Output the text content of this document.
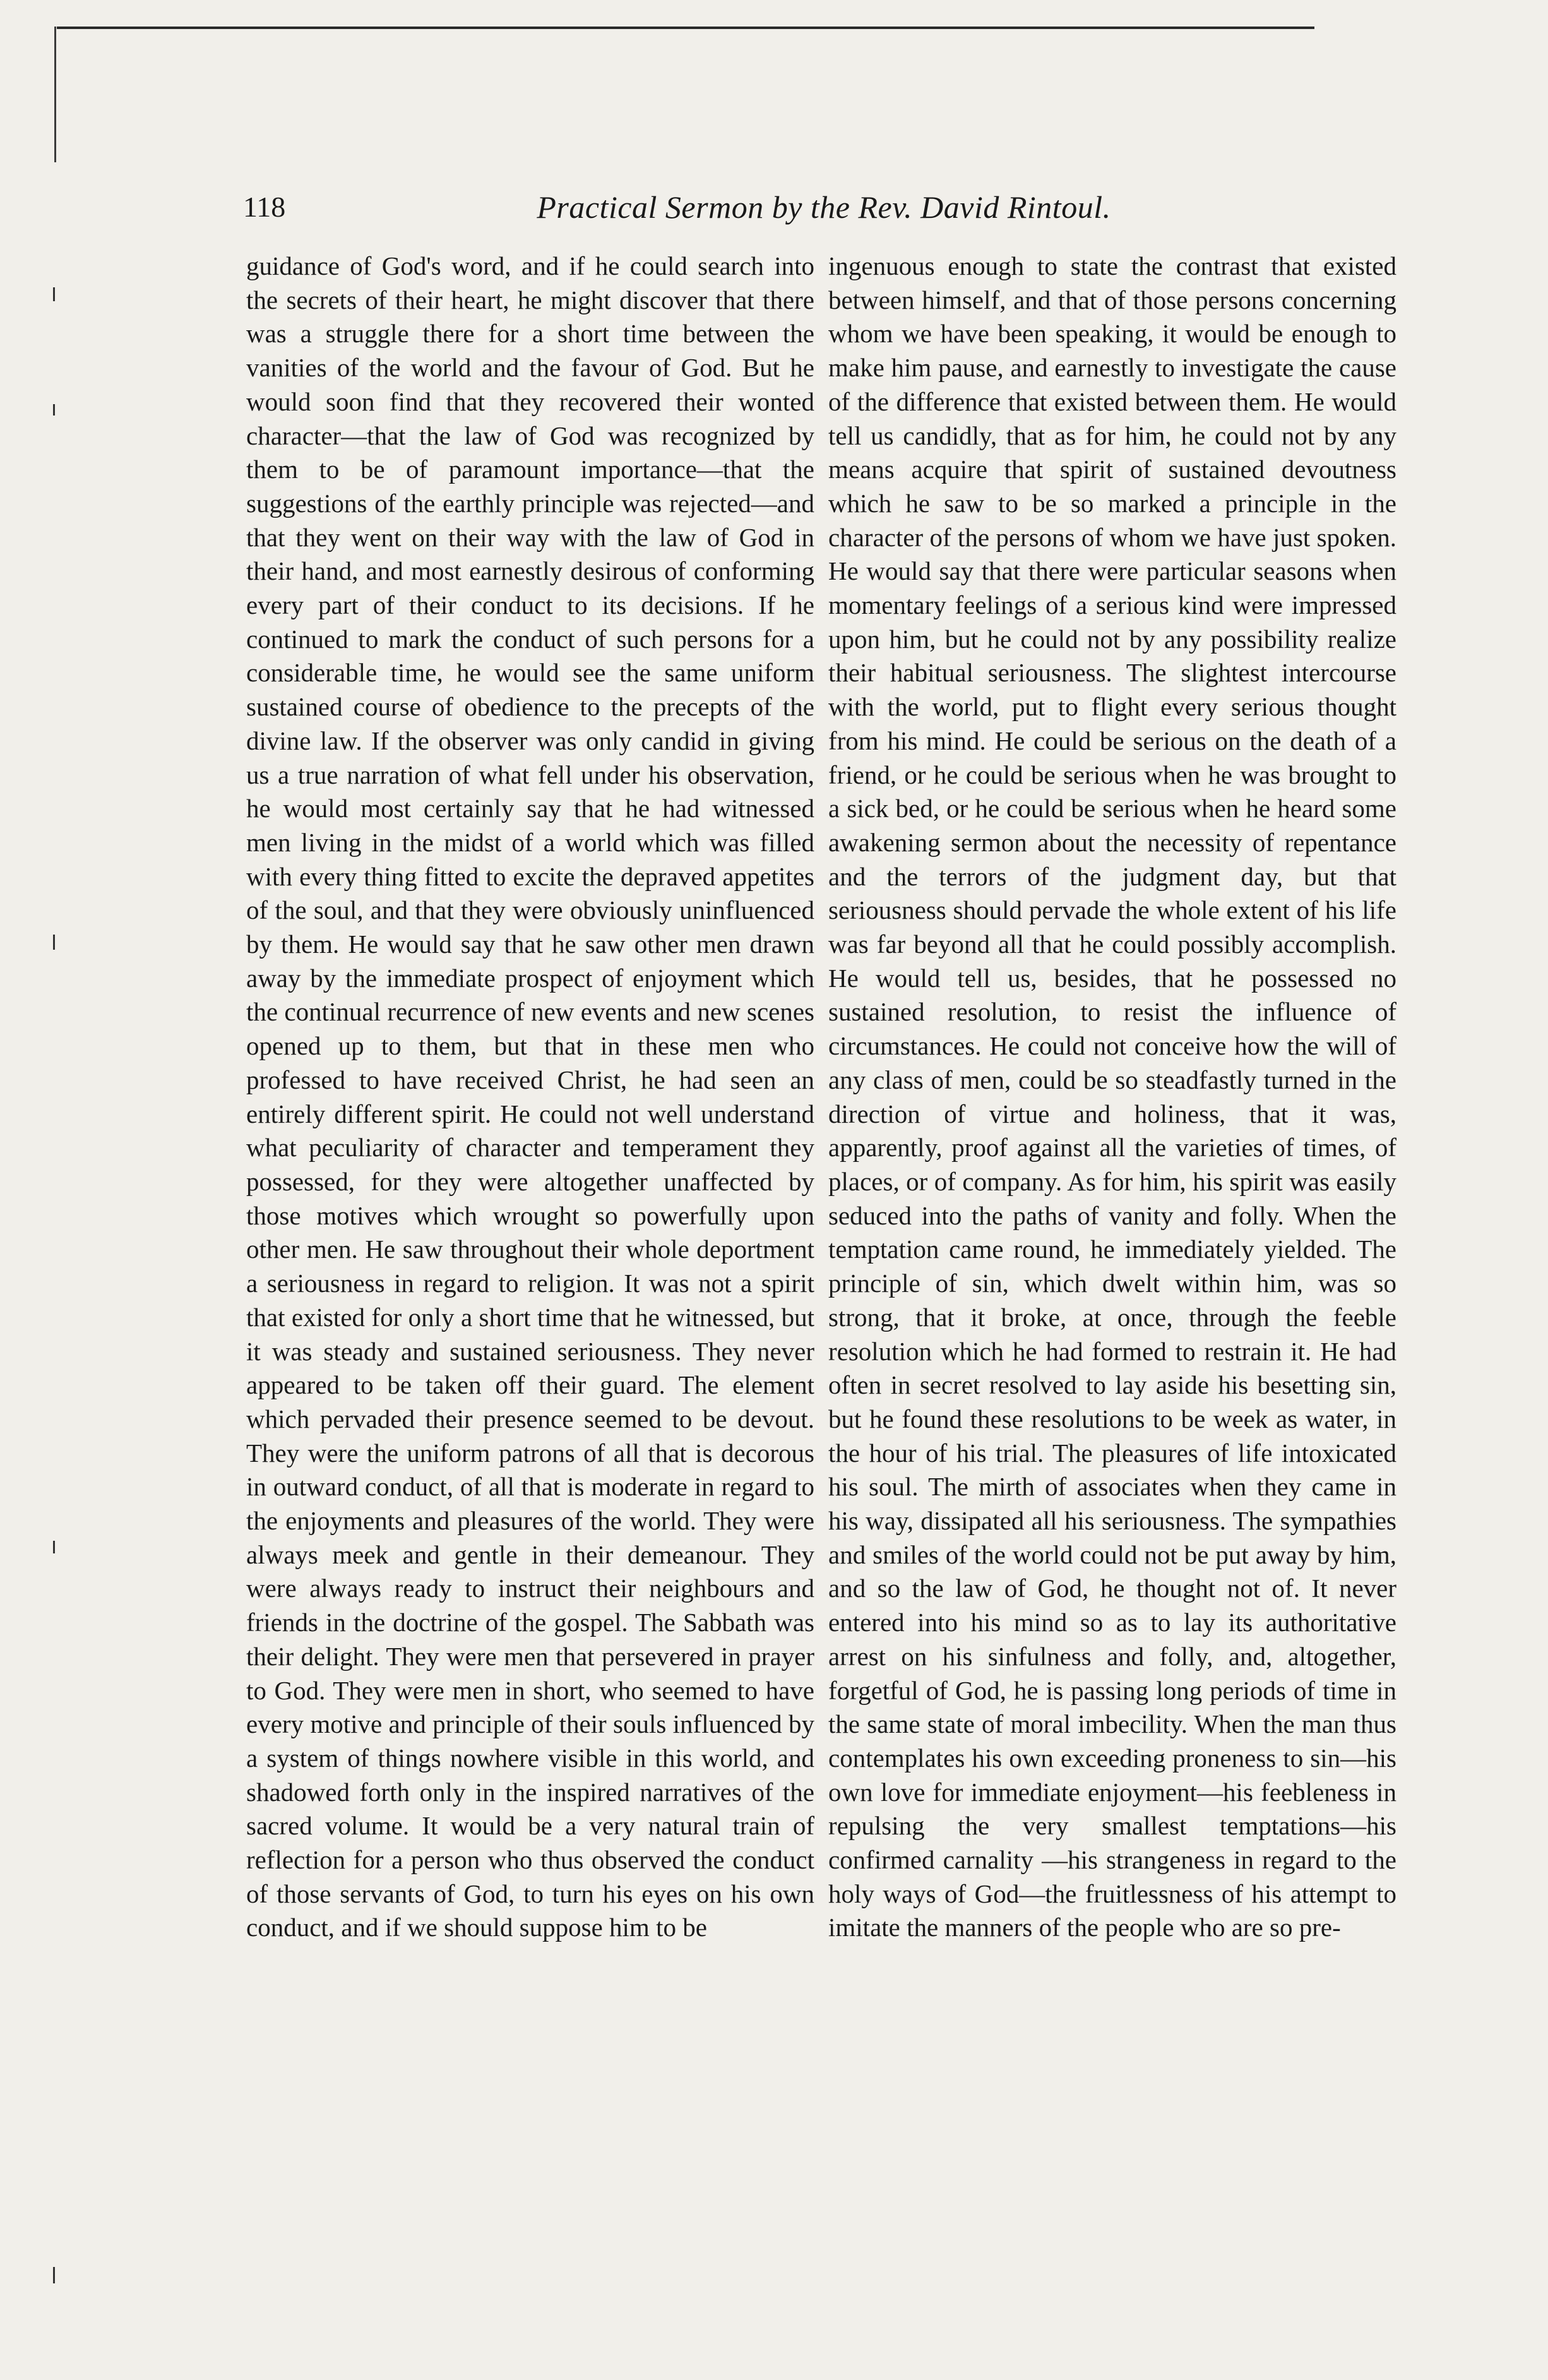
118	Practical Sermon by the Rev. David Rintoul.

guidance of God's word, and if he could search into the secrets of their heart, he might discover that there was a struggle there for a short time between the vanities of the world and the favour of God. But he would soon find that they recovered their wonted character—that the law of God was recognized by them to be of paramount importance—that the suggestions of the earthly principle was rejected—and that they went on their way with the law of God in their hand, and most earnestly desirous of conforming every part of their conduct to its decisions. If he continued to mark the conduct of such persons for a considerable time, he would see the same uniform sustained course of obedience to the precepts of the divine law. If the observer was only candid in giving us a true narration of what fell under his observation, he would most certainly say that he had witnessed men living in the midst of a world which was filled with every thing fitted to excite the depraved appetites of the soul, and that they were obviously uninfluenced by them. He would say that he saw other men drawn away by the immediate prospect of enjoyment which the continual recurrence of new events and new scenes opened up to them, but that in these men who professed to have received Christ, he had seen an entirely different spirit. He could not well understand what peculiarity of character and temperament they possessed, for they were altogether unaffected by those motives which wrought so powerfully upon other men. He saw throughout their whole deportment a seriousness in regard to religion. It was not a spirit that existed for only a short time that he witnessed, but it was steady and sustained seriousness. They never appeared to be taken off their guard. The element which pervaded their presence seemed to be devout. They were the uniform patrons of all that is decorous in outward conduct, of all that is moderate in regard to the enjoyments and pleasures of the world. They were always meek and gentle in their demeanour. They were always ready to instruct their neighbours and friends in the doctrine of the gospel. The Sabbath was their delight. They were men that persevered in prayer to God. They were men in short, who seemed to have every motive and principle of their souls influenced by a system of things nowhere visible in this world, and shadowed forth only in the inspired narratives of the sacred volume. It would be a very natural train of reflection for a person who thus observed the conduct of those servants of God, to turn his eyes on his own conduct, and if we should suppose him to be

ingenuous enough to state the contrast that existed between himself, and that of those persons concerning whom we have been speaking, it would be enough to make him pause, and earnestly to investigate the cause of the difference that existed between them. He would tell us candidly, that as for him, he could not by any means acquire that spirit of sustained devoutness which he saw to be so marked a principle in the character of the persons of whom we have just spoken. He would say that there were particular seasons when momentary feelings of a serious kind were impressed upon him, but he could not by any possibility realize their habitual seriousness. The slightest intercourse with the world, put to flight every serious thought from his mind. He could be serious on the death of a friend, or he could be serious when he was brought to a sick bed, or he could be serious when he heard some awakening sermon about the necessity of repentance and the terrors of the judgment day, but that seriousness should pervade the whole extent of his life was far beyond all that he could possibly accomplish. He would tell us, besides, that he possessed no sustained resolution, to resist the influence of circumstances. He could not conceive how the will of any class of men, could be so steadfastly turned in the direction of virtue and holiness, that it was, apparently, proof against all the varieties of times, of places, or of company. As for him, his spirit was easily seduced into the paths of vanity and folly. When the temptation came round, he immediately yielded. The principle of sin, which dwelt within him, was so strong, that it broke, at once, through the feeble resolution which he had formed to restrain it. He had often in secret resolved to lay aside his besetting sin, but he found these resolutions to be week as water, in the hour of his trial. The pleasures of life intoxicated his soul. The mirth of associates when they came in his way, dissipated all his seriousness. The sympathies and smiles of the world could not be put away by him, and so the law of God, he thought not of. It never entered into his mind so as to lay its authoritative arrest on his sinfulness and folly, and, altogether, forgetful of God, he is passing long periods of time in the same state of moral imbecility. When the man thus contemplates his own exceeding proneness to sin—his own love for immediate enjoyment—his feebleness in repulsing the very smallest temptations—his confirmed carnality —his strangeness in regard to the holy ways of God—the fruitlessness of his attempt to imitate the manners of the people who are so pre-
